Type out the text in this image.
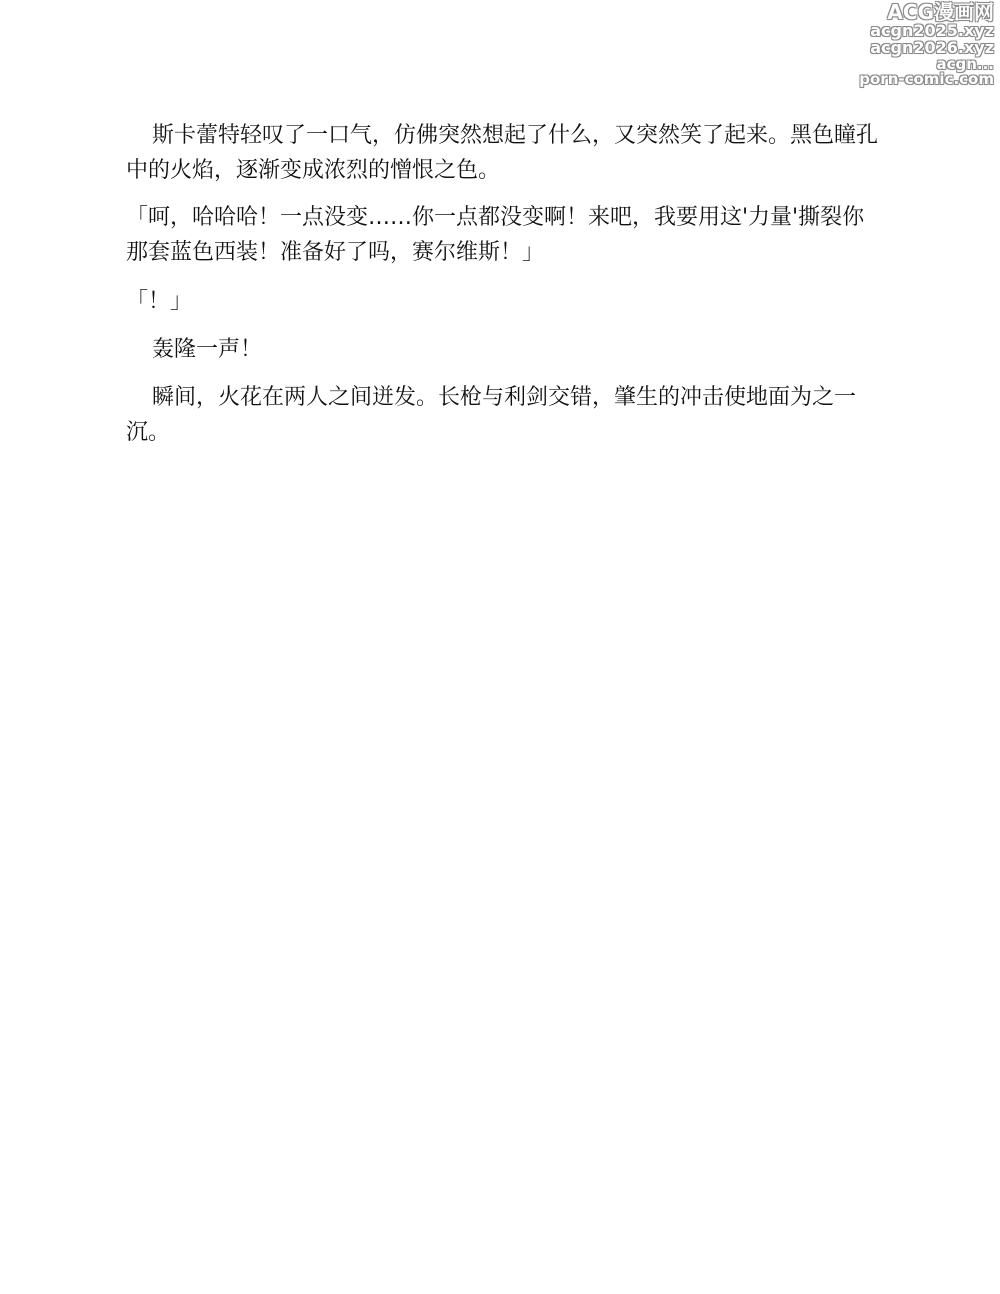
ACG漫画网
acgn2025.xyz
acgn2026.xyz
acgn...
porn-comic.com

斯卡蕾特轻叹了一口气，仿佛突然想起了什么，又突然笑了起来。黑色瞳孔中的火焰，逐渐变成浓烈的憎恨之色。

「呵，哈哈哈！一点没变……你一点都没变啊！来吧，我要用这'力量'撕裂你那套蓝色西装！准备好了吗，赛尔维斯！」

「！」

轰隆一声！

瞬间，火花在两人之间迸发。长枪与利剑交错，肇生的冲击使地面为之一沉。
